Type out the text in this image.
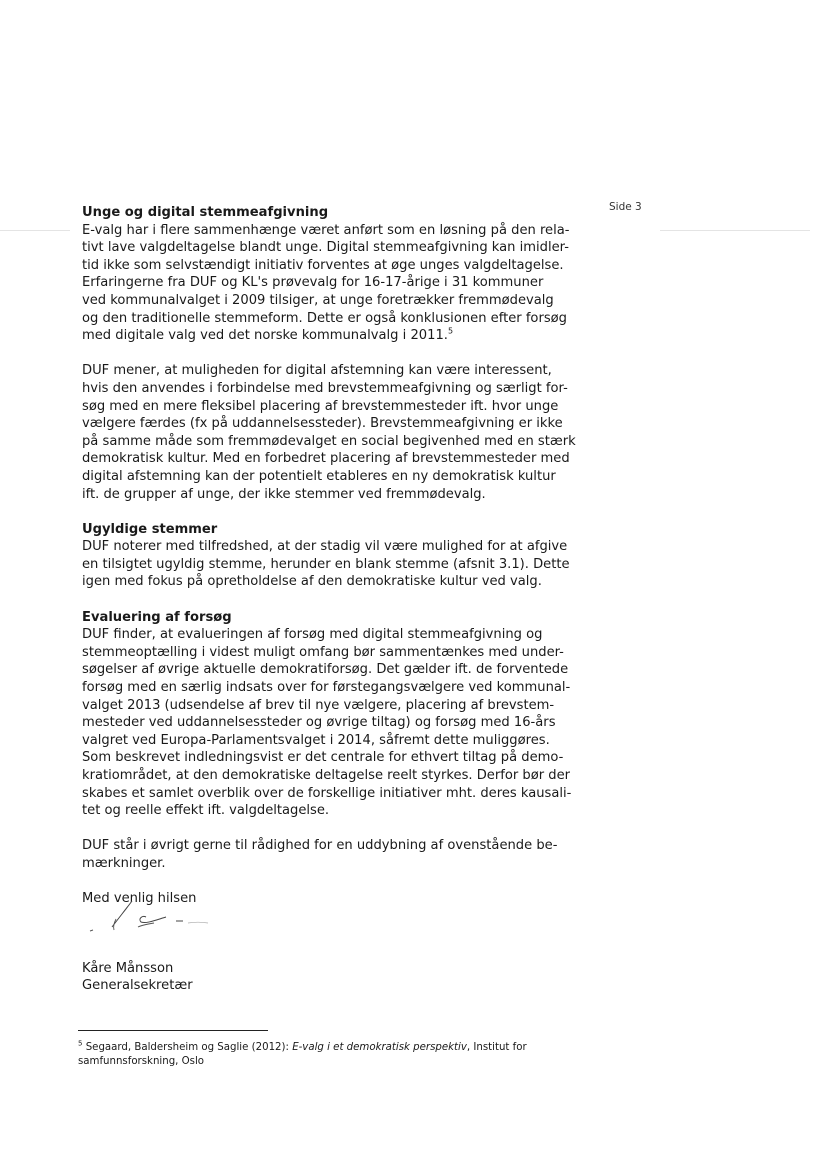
Side 3
Unge og digital stemmeafgivning
E-valg har i flere sammenhænge været anført som en løsning på den rela-
tivt lave valgdeltagelse blandt unge. Digital stemmeafgivning kan imidler-
tid ikke som selvstændigt initiativ forventes at øge unges valgdeltagelse.
Erfaringerne fra DUF og KL's prøvevalg for 16-17-årige i 31 kommuner
ved kommunalvalget i 2009 tilsiger, at unge foretrækker fremmødevalg
og den traditionelle stemmeform. Dette er også konklusionen efter forsøg
med digitale valg ved det norske kommunalvalg i 2011.$^5$
DUF mener, at muligheden for digital afstemning kan være interessent,
hvis den anvendes i forbindelse med brevstemmeafgivning og særligt for-
søg med en mere fleksibel placering af brevstemmesteder ift. hvor unge
vælgere færdes (fx på uddannelsessteder). Brevstemmeafgivning er ikke
på samme måde som fremmødevalget en social begivenhed med en stærk
demokratisk kultur. Med en forbedret placering af brevstemmesteder med
digital afstemning kan der potentielt etableres en ny demokratisk kultur
ift. de grupper af unge, der ikke stemmer ved fremmødevalg.
Ugyldige stemmer
DUF noterer med tilfredshed, at der stadig vil være mulighed for at afgive
en tilsigtet ugyldig stemme, herunder en blank stemme (afsnit 3.1). Dette
igen med fokus på opretholdelse af den demokratiske kultur ved valg.
Evaluering af forsøg
DUF finder, at evalueringen af forsøg med digital stemmeafgivning og
stemmeoptælling i videst muligt omfang bør sammentænkes med under-
søgelser af øvrige aktuelle demokratiforsøg. Det gælder ift. de forventede
forsøg med en særlig indsats over for førstegangsvælgere ved kommunal-
valget 2013 (udsendelse af brev til nye vælgere, placering af brevstem-
mesteder ved uddannelsessteder og øvrige tiltag) og forsøg med 16-års
valgret ved Europa-Parlamentsvalget i 2014, såfremt dette muliggøres.
Som beskrevet indledningsvist er det centrale for ethvert tiltag på demo-
kratiområdet, at den demokratiske deltagelse reelt styrkes. Derfor bør der
skabes et samlet overblik over de forskellige initiativer mht. deres kausali-
tet og reelle effekt ift. valgdeltagelse.
DUF står i øvrigt gerne til rådighed for en uddybning af ovenstående be-
mærkninger.
Med venlig hilsen
Kåre Månsson
Generalsekretær
$^5$ Segaard, Baldersheim og Saglie (2012): E-valg i et demokratisk perspektiv, Institut for
samfunnsforskning, Oslo
